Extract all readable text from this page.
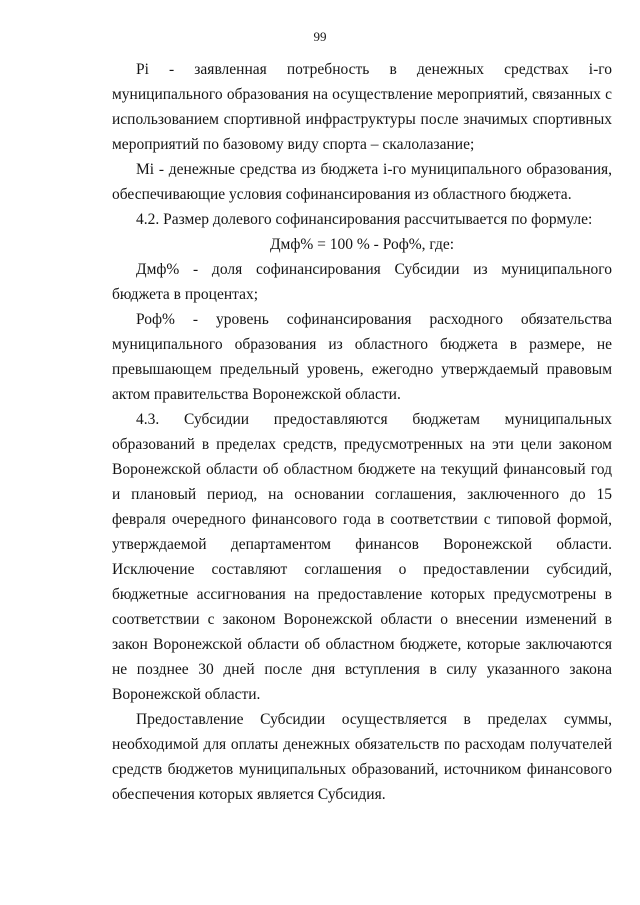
99

Pi - заявленная потребность в денежных средствах i-го муниципального образования на осуществление мероприятий, связанных с использованием спортивной инфраструктуры после значимых спортивных мероприятий по базовому виду спорта – скалолазание;

Mi - денежные средства из бюджета i-го муниципального образования, обеспечивающие условия софинансирования из областного бюджета.

4.2. Размер долевого софинансирования рассчитывается по формуле:

Дмф% = 100 % - Роф%, где:

Дмф% - доля софинансирования Субсидии из муниципального бюджета в процентах;

Роф% - уровень софинансирования расходного обязательства муниципального образования из областного бюджета в размере, не превышающем предельный уровень, ежегодно утверждаемый правовым актом правительства Воронежской области.

4.3. Субсидии предоставляются бюджетам муниципальных образований в пределах средств, предусмотренных на эти цели законом Воронежской области об областном бюджете на текущий финансовый год и плановый период, на основании соглашения, заключенного до 15 февраля очередного финансового года в соответствии с типовой формой, утверждаемой департаментом финансов Воронежской области. Исключение составляют соглашения о предоставлении субсидий, бюджетные ассигнования на предоставление которых предусмотрены в соответствии с законом Воронежской области о внесении изменений в закон Воронежской области об областном бюджете, которые заключаются не позднее 30 дней после дня вступления в силу указанного закона Воронежской области.

Предоставление Субсидии осуществляется в пределах суммы, необходимой для оплаты денежных обязательств по расходам получателей средств бюджетов муниципальных образований, источником финансового обеспечения которых является Субсидия.
